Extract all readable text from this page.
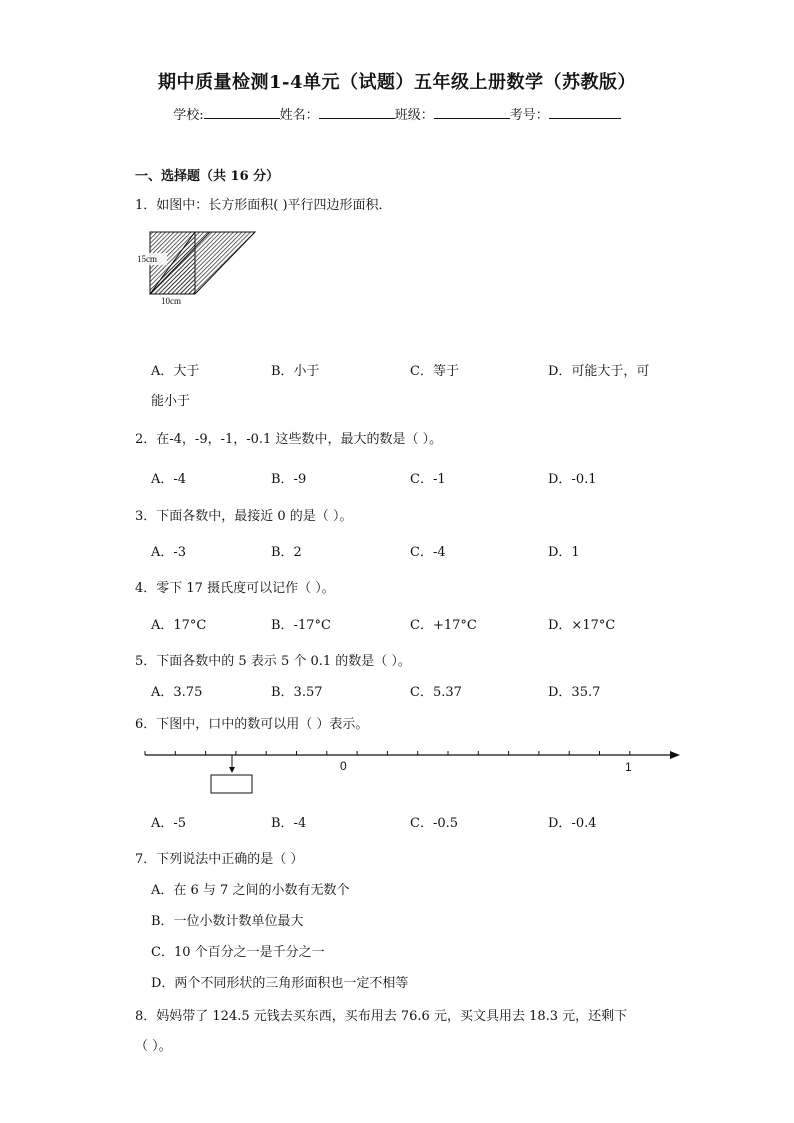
期中质量检测1-4单元（试题）五年级上册数学（苏教版）
学校:	姓名：	班级：	考号：
一、选择题（共 16 分）
1．如图中：长方形面积( )平行四边形面积．
15cm
10cm
A．大于	B．小于	C．等于	D．可能大于，可
能小于
2．在-4，-9，-1，-0.1 这些数中，最大的数是（ ）。
A．-4	B．-9	C．-1	D．-0.1
3．下面各数中，最接近 0 的是（ ）。
A．-3	B．2	C．-4	D．1
4．零下 17 摄氏度可以记作（ ）。
A．17°C	B．-17°C	C．+17°C	D．×17°C
5．下面各数中的 5 表示 5 个 0.1 的数是（ ）。
A．3.75	B．3.57	C．5.37	D．35.7
6．下图中，口中的数可以用（ ）表示。
0	1
A．-5	B．-4	C．-0.5	D．-0.4
7．下列说法中正确的是（ ）
A．在 6 与 7 之间的小数有无数个
B．一位小数计数单位最大
C．10 个百分之一是千分之一
D．两个不同形状的三角形面积也一定不相等
8．妈妈带了 124.5 元钱去买东西，买布用去 76.6 元，买文具用去 18.3 元，还剩下
（ ）。
